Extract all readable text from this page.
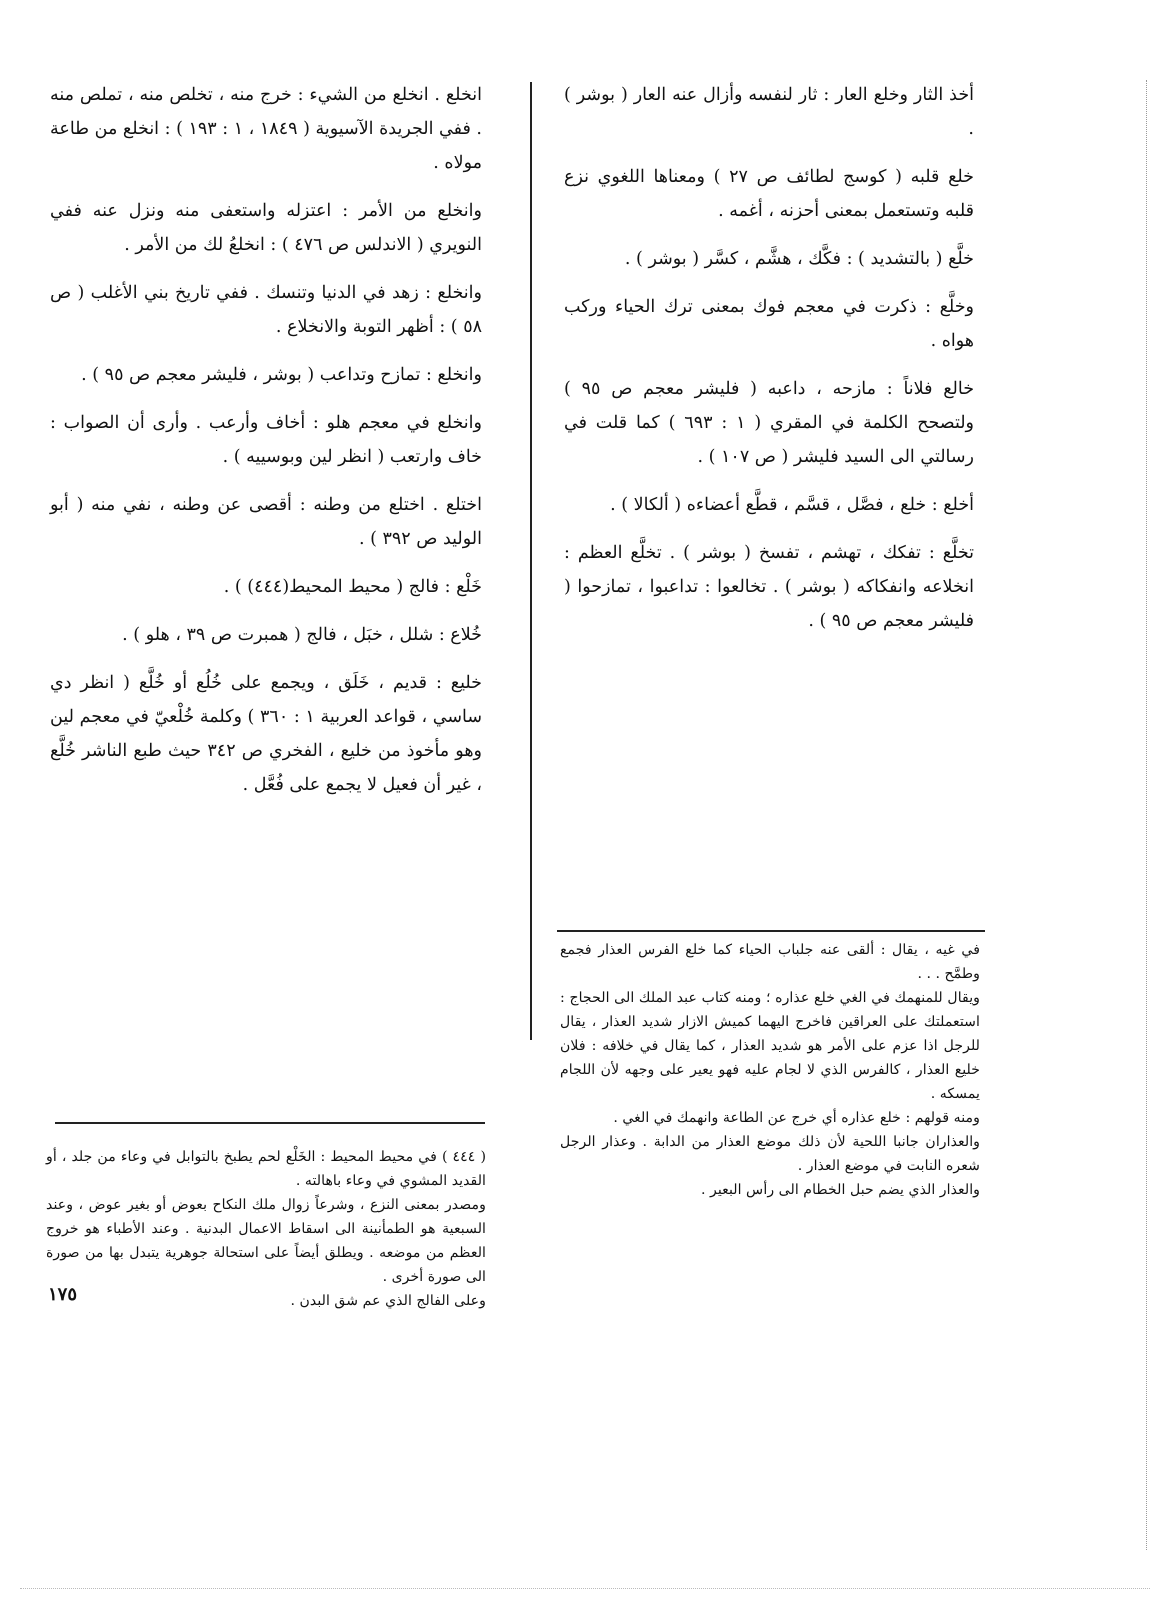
أخذ الثار وخلع العار : ثار لنفسه وأزال عنه العار ( بوشر ) .

خلع قلبه ( كوسج لطائف ص ٢٧ ) ومعناها اللغوي نزع قلبه وتستعمل بمعنى أحزنه ، أغمه .

خلَّع ( بالتشديد ) : فكَّك ، هشَّم ، كسَّر ( بوشر ) .

وخلَّع : ذكرت في معجم فوك بمعنى ترك الحياء وركب هواه .

خالع فلاناً : مازحه ، داعبه ( فليشر معجم ص ٩٥ ) ولتصحح الكلمة في المقري ( ١ : ٦٩٣ ) كما قلت في رسالتي الى السيد فليشر ( ص ١٠٧ ) .

أخلع : خلع ، فصَّل ، قسَّم ، قطَّع أعضاءه ( ألكالا ) .

تخلَّع : تفكك ، تهشم ، تفسخ ( بوشر ) . تخلَّع العظم : انخلاعه وانفكاكه ( بوشر ) . تخالعوا : تداعبوا ، تمازحوا ( فليشر معجم ص ٩٥ ) .

انخلع . انخلع من الشيء : خرج منه ، تخلص منه ، تملص منه . ففي الجريدة الآسيوية ( ١٨٤٩ ، ١ : ١٩٣ ) : انخلع من طاعة مولاه .

وانخلع من الأمر : اعتزله واستعفى منه ونزل عنه ففي النويري ( الاندلس ص ٤٧٦ ) : انخلعُ لك من الأمر .

وانخلع : زهد في الدنيا وتنسك . ففي تاريخ بني الأغلب ( ص ٥٨ ) : أظهر التوبة والانخلاع .

وانخلع : تمازح وتداعب ( بوشر ، فليشر معجم ص ٩٥ ) .

وانخلع في معجم هلو : أخاف وأرعب . وأرى أن الصواب : خاف وارتعب ( انظر لين وبوسييه ) .

اختلع . اختلع من وطنه : أقصى عن وطنه ، نفي منه ( أبو الوليد ص ٣٩٢ ) .

خَلْع : فالج ( محيط المحيط(٤٤٤) ) .

خُلاع : شلل ، خبَل ، فالج ( همبرت ص ٣٩ ، هلو ) .

خليع : قديم ، خَلَق ، ويجمع على خُلُع أو خُلَّع ( انظر دي ساسي ، قواعد العربية ١ : ٣٦٠ ) وكلمة خُلْعيّ في معجم لين وهو مأخوذ من خليع ، الفخري ص ٣٤٢ حيث طبع الناشر خُلَّع ، غير أن فعيل لا يجمع على فُعَّل .

في غيه ، يقال : ألقى عنه جلباب الحياء كما خلع الفرس العذار فجمع وطمَّح . . .

ويقال للمنهمك في الغي خلع عذاره ؛ ومنه كتاب عبد الملك الى الحجاج : استعملتك على العراقين فاخرج اليهما كميش الازار شديد العذار ، يقال للرجل اذا عزم على الأمر هو شديد العذار ، كما يقال في خلافه : فلان خليع العذار ، كالفرس الذي لا لجام عليه فهو يعير على وجهه لأن اللجام يمسكه .

ومنه قولهم : خلع عذاره أي خرج عن الطاعة وانهمك في الغي .

والعذاران جانبا اللحية لأن ذلك موضع العذار من الدابة . وعذار الرجل شعره النابت في موضع العذار .

والعذار الذي يضم حبل الخطام الى رأس البعير .

( ٤٤٤ ) في محيط المحيط : الخَلْع لحم يطبخ بالتوابل في وعاء من جلد ، أو القديد المشوي في وعاء باهالته .

ومصدر بمعنى النزع ، وشرعاً زوال ملك النكاح بعوض أو بغير عوض ، وعند السبعية هو الطمأنينة الى اسقاط الاعمال البدنية . وعند الأطباء هو خروج العظم من موضعه . ويطلق أيضاً على استحالة جوهرية يتبدل بها من صورة الى صورة أخرى .

وعلى الفالج الذي عم شق البدن .

١٧٥
